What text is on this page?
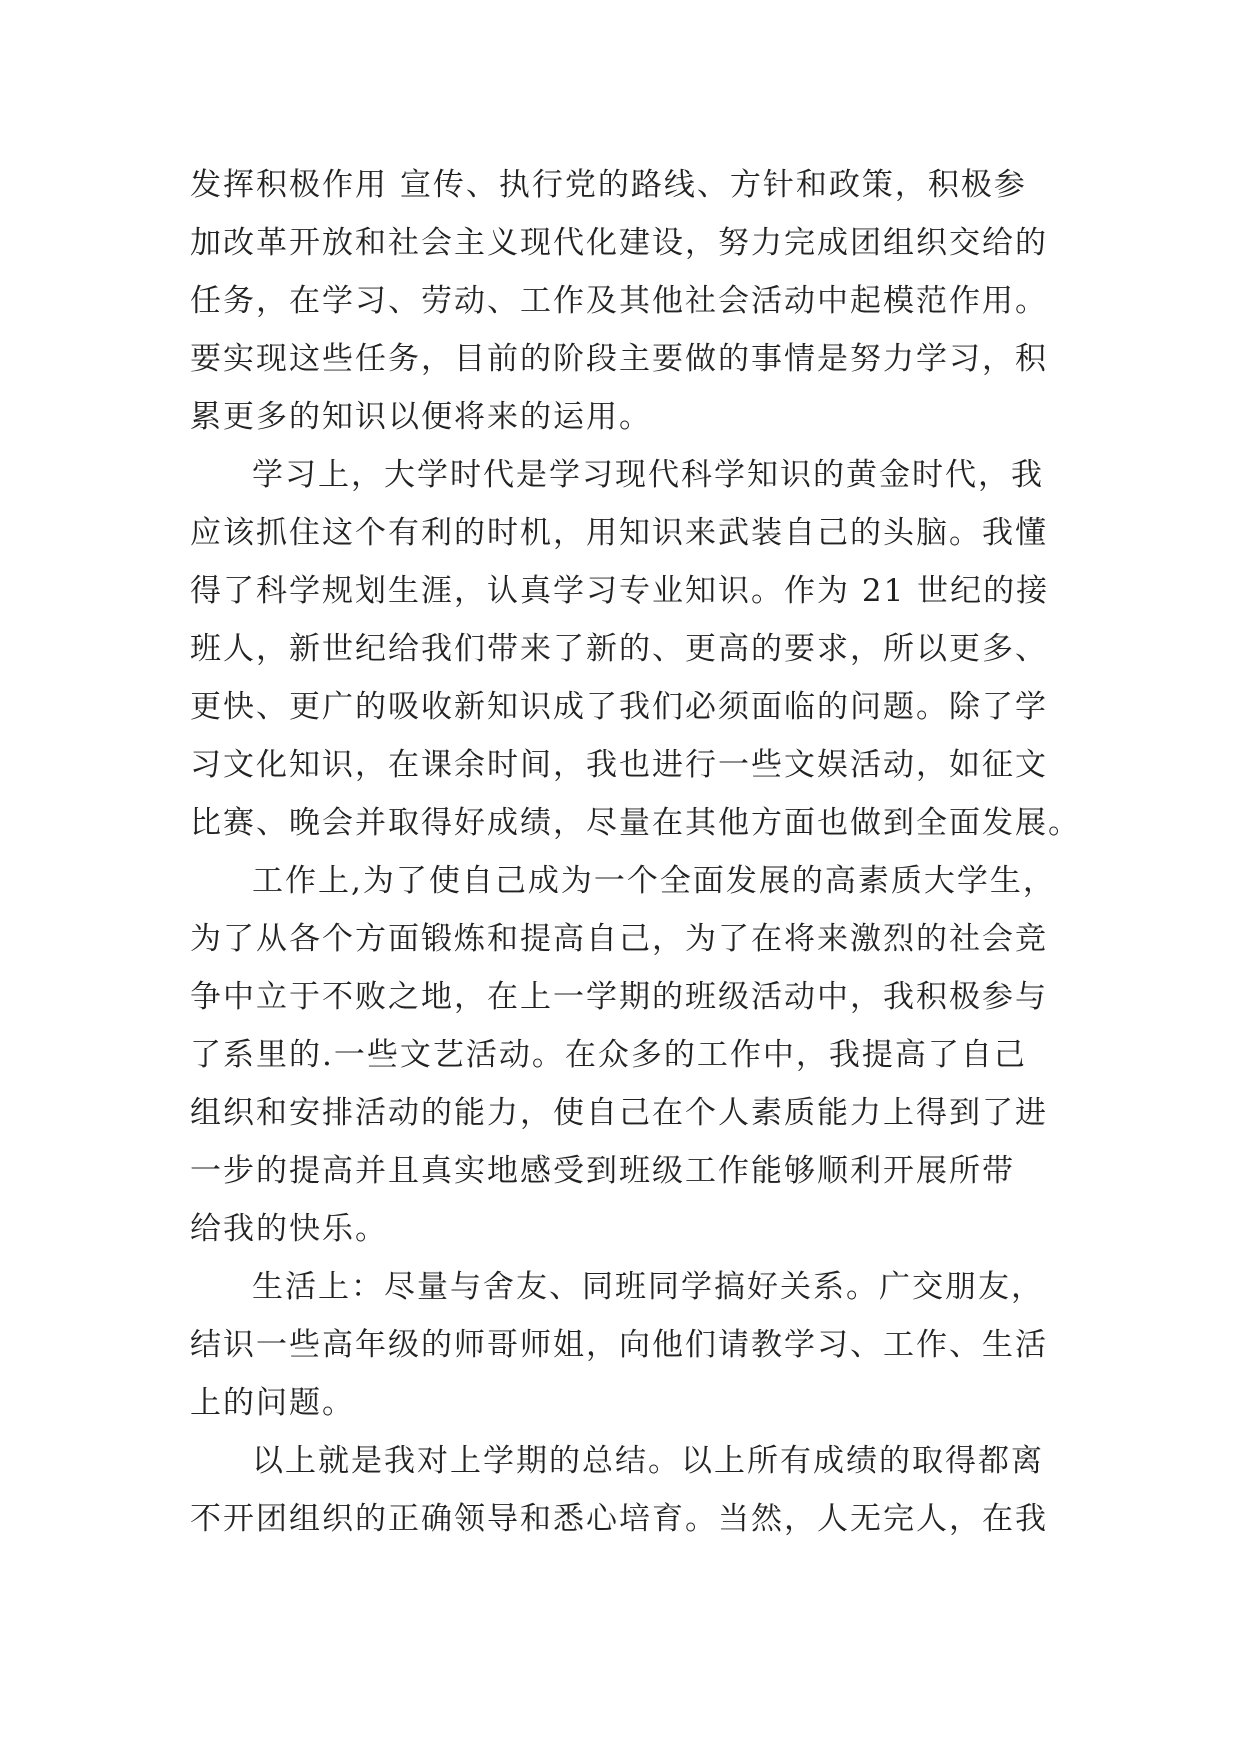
发挥积极作用 宣传、执行党的路线、方针和政策，积极参
加改革开放和社会主义现代化建设，努力完成团组织交给的
任务，在学习、劳动、工作及其他社会活动中起模范作用。
要实现这些任务，目前的阶段主要做的事情是努力学习，积
累更多的知识以便将来的运用。
学习上，大学时代是学习现代科学知识的黄金时代，我
应该抓住这个有利的时机，用知识来武装自己的头脑。我懂
得了科学规划生涯，认真学习专业知识。作为 21 世纪的接
班人，新世纪给我们带来了新的、更高的要求，所以更多、
更快、更广的吸收新知识成了我们必须面临的问题。除了学
习文化知识，在课余时间，我也进行一些文娱活动，如征文
比赛、晚会并取得好成绩，尽量在其他方面也做到全面发展。
工作上,为了使自己成为一个全面发展的高素质大学生，
为了从各个方面锻炼和提高自己，为了在将来激烈的社会竞
争中立于不败之地，在上一学期的班级活动中，我积极参与
了系里的.一些文艺活动。在众多的工作中，我提高了自己
组织和安排活动的能力，使自己在个人素质能力上得到了进
一步的提高并且真实地感受到班级工作能够顺利开展所带
给我的快乐。
生活上：尽量与舍友、同班同学搞好关系。广交朋友，
结识一些高年级的师哥师姐，向他们请教学习、工作、生活
上的问题。
以上就是我对上学期的总结。以上所有成绩的取得都离
不开团组织的正确领导和悉心培育。当然，人无完人，在我
